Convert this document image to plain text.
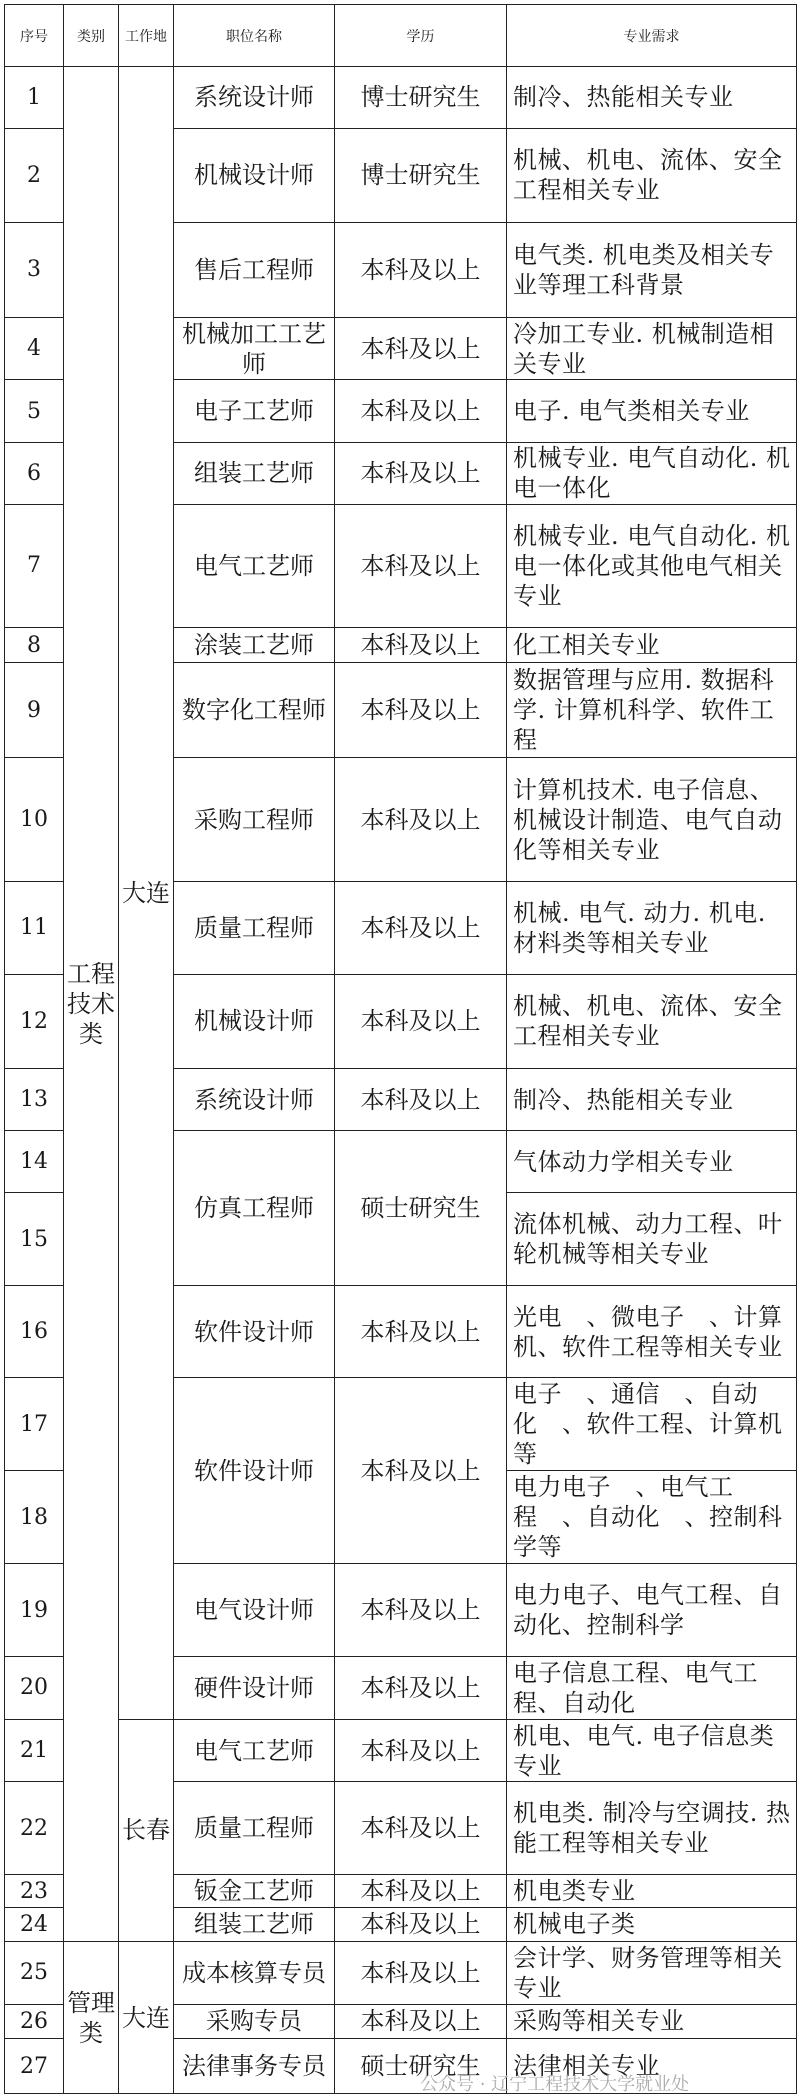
序号	类别	工作地	职位名称	学历	专业需求
1	工程技术类	大连	系统设计师	博士研究生	制冷、热能相关专业
2			机械设计师	博士研究生	机械、机电、流体、安全工程相关专业
3			售后工程师	本科及以上	电气类. 机电类及相关专业等理工科背景
4			机械加工工艺师	本科及以上	冷加工专业. 机械制造相关专业
5			电子工艺师	本科及以上	电子. 电气类相关专业
6			组装工艺师	本科及以上	机械专业. 电气自动化. 机电一体化
7			电气工艺师	本科及以上	机械专业. 电气自动化. 机电一体化或其他电气相关专业
8			涂装工艺师	本科及以上	化工相关专业
9			数字化工程师	本科及以上	数据管理与应用. 数据科学. 计算机科学、软件工程
10			采购工程师	本科及以上	计算机技术. 电子信息、机械设计制造、电气自动化等相关专业
11			质量工程师	本科及以上	机械. 电气. 动力. 机电. 材料类等相关专业
12			机械设计师	本科及以上	机械、机电、流体、安全工程相关专业
13			系统设计师	本科及以上	制冷、热能相关专业
14			仿真工程师	硕士研究生	气体动力学相关专业
15					流体机械、动力工程、叶轮机械等相关专业
16			软件设计师	本科及以上	光电　、微电子　、计算机、软件工程等相关专业
17			软件设计师	本科及以上	电子　、通信　、自动化　、软件工程、计算机等
18					电力电子　、电气工程　、自动化　、控制科学等
19			电气设计师	本科及以上	电力电子、电气工程、自动化、控制科学
20			硬件设计师	本科及以上	电子信息工程、电气工程、自动化
21		长春	电气工艺师	本科及以上	机电、电气. 电子信息类专业
22			质量工程师	本科及以上	机电类. 制冷与空调技. 热能工程等相关专业
23			钣金工艺师	本科及以上	机电类专业
24			组装工艺师	本科及以上	机械电子类
25	管理类	大连	成本核算专员	本科及以上	会计学、财务管理等相关专业
26			采购专员	本科及以上	采购等相关专业
27			法律事务专员	硕士研究生	法律相关专业
公众号 · 辽宁工程技术大学就业处
